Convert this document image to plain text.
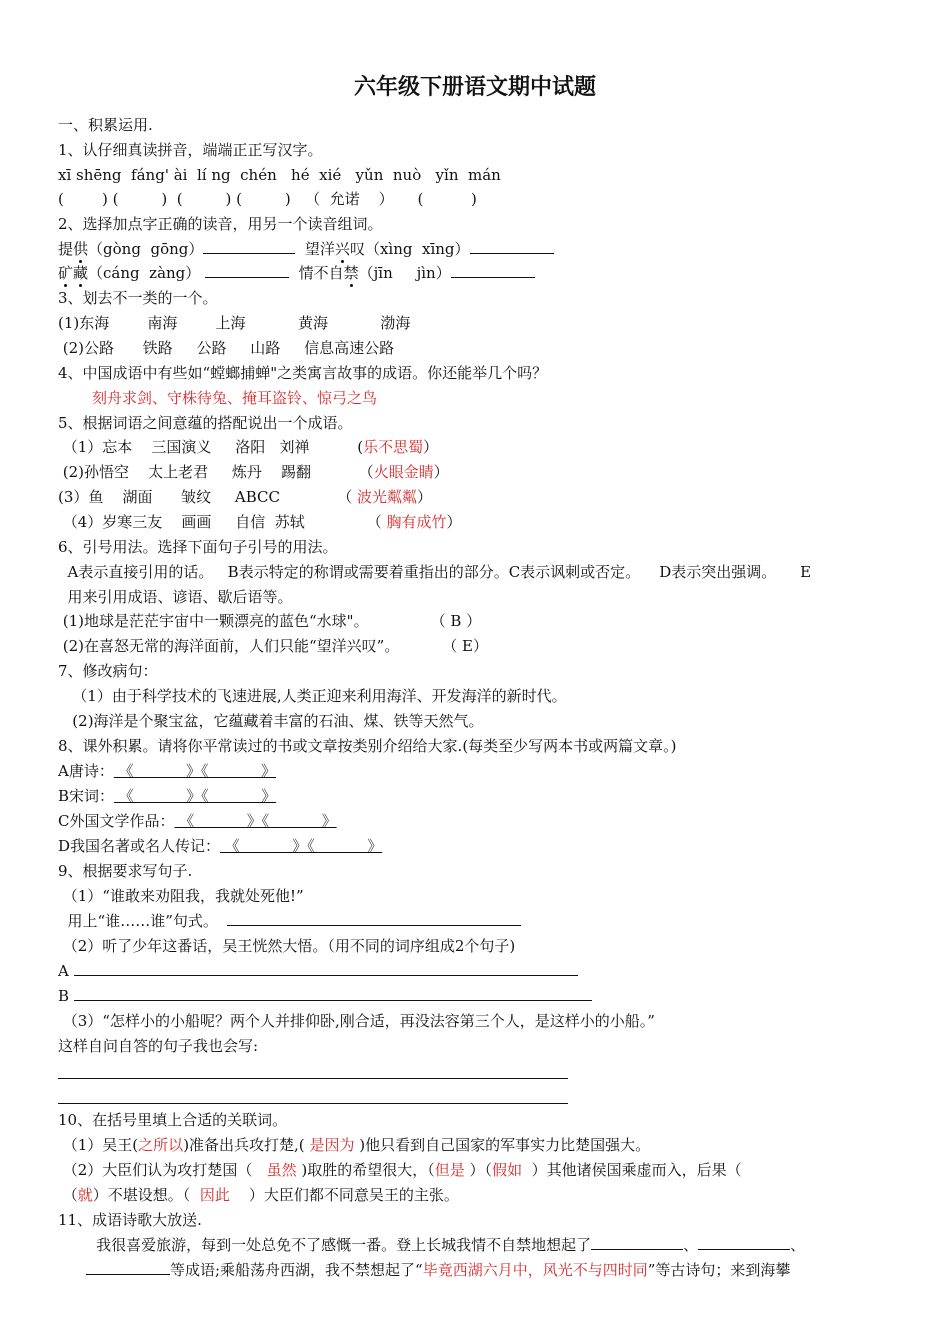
六年级下册语文期中试题
一、积累运用.
1、认仔细真读拼音，端端正正写汉字。
xī shēng  fáng' ài  lí ng  chén   hé  xié   yǔn  nuò   yǐn  mán
(        ) (         )  (         ) (         )   （  允诺    ）     (          )
2、选择加点字正确的读音，用另一个读音组词。
提供（gòng  gōng）	望洋兴叹（xìng  xīng）
矿藏（cáng  zàng）	情不自禁（jīn     jìn）
3、划去不一类的一个。
(1)东海        南海        上海           黄海           渤海
(2)公路      铁路     公路     山路     信息高速公路
4、中国成语中有些如“螳螂捕蝉"之类寓言故事的成语。你还能举几个吗？
刻舟求剑、守株待兔、掩耳盗铃、惊弓之鸟
5、根据词语之间意蕴的搭配说出一个成语。
（1）忘本    三国演义     洛阳   刘禅          (乐不思蜀）
(2)孙悟空    太上老君     炼丹    踢翻          （火眼金睛）
(3）鱼    湖面      皱纹     ABCC            （ 波光粼粼）
（4）岁寒三友    画画     自信  苏轼             （ 胸有成竹）
6、引号用法。选择下面句子引号的用法。
A表示直接引用的话。   B表示特定的称谓或需要着重指出的部分。C表示讽刺或否定。    D表示突出强调。     E
用来引用成语、谚语、歇后语等。
(1)地球是茫茫宇宙中一颗漂亮的蓝色“水球"。             （ B ）
(2)在喜怒无常的海洋面前，人们只能“望洋兴叹”。         （ E）
7、修改病句：
（1）由于科学技术的飞速进展,人类正迎来利用海洋、开发海洋的新时代。
(2)海洋是个聚宝盆，它蕴藏着丰富的石油、煤、铁等天然气。
8、课外积累。请将你平常读过的书或文章按类别介绍给大家.(每类至少写两本书或两篇文章。)
A唐诗： 《           》《           》
B宋词： 《           》《           》
C外国文学作品： 《           》《           》
D我国名著或名人传记： 《           》《           》
9、根据要求写句子.
（1）“谁敢来劝阻我，我就处死他!”
用上“谁……谁”句式。
（2）听了少年这番话，吴王恍然大悟。（用不同的词序组成2个句子)
A
B
（3）“怎样小的小船呢？两个人并排仰卧,刚合适，再没法容第三个人，是这样小的小船。”
这样自问自答的句子我也会写:
10、在括号里填上合适的关联词。
（1）吴王(之所以)准备出兵攻打楚,( 是因为 )他只看到自己国家的军事实力比楚国强大。
（2）大臣们认为攻打楚国（   虽然 )取胜的希望很大，（但是 ）（假如  ）其他诸侯国乘虚而入，后果（
（就）不堪设想。（  因此    ）大臣们都不同意吴王的主张。
11、成语诗歌大放送.
我很喜爱旅游，每到一处总免不了感慨一番。登上长城我情不自禁地想起了	、	、
等成语;乘船荡舟西湖，我不禁想起了“毕竟西湖六月中，风光不与四时同”等古诗句；来到海攀
